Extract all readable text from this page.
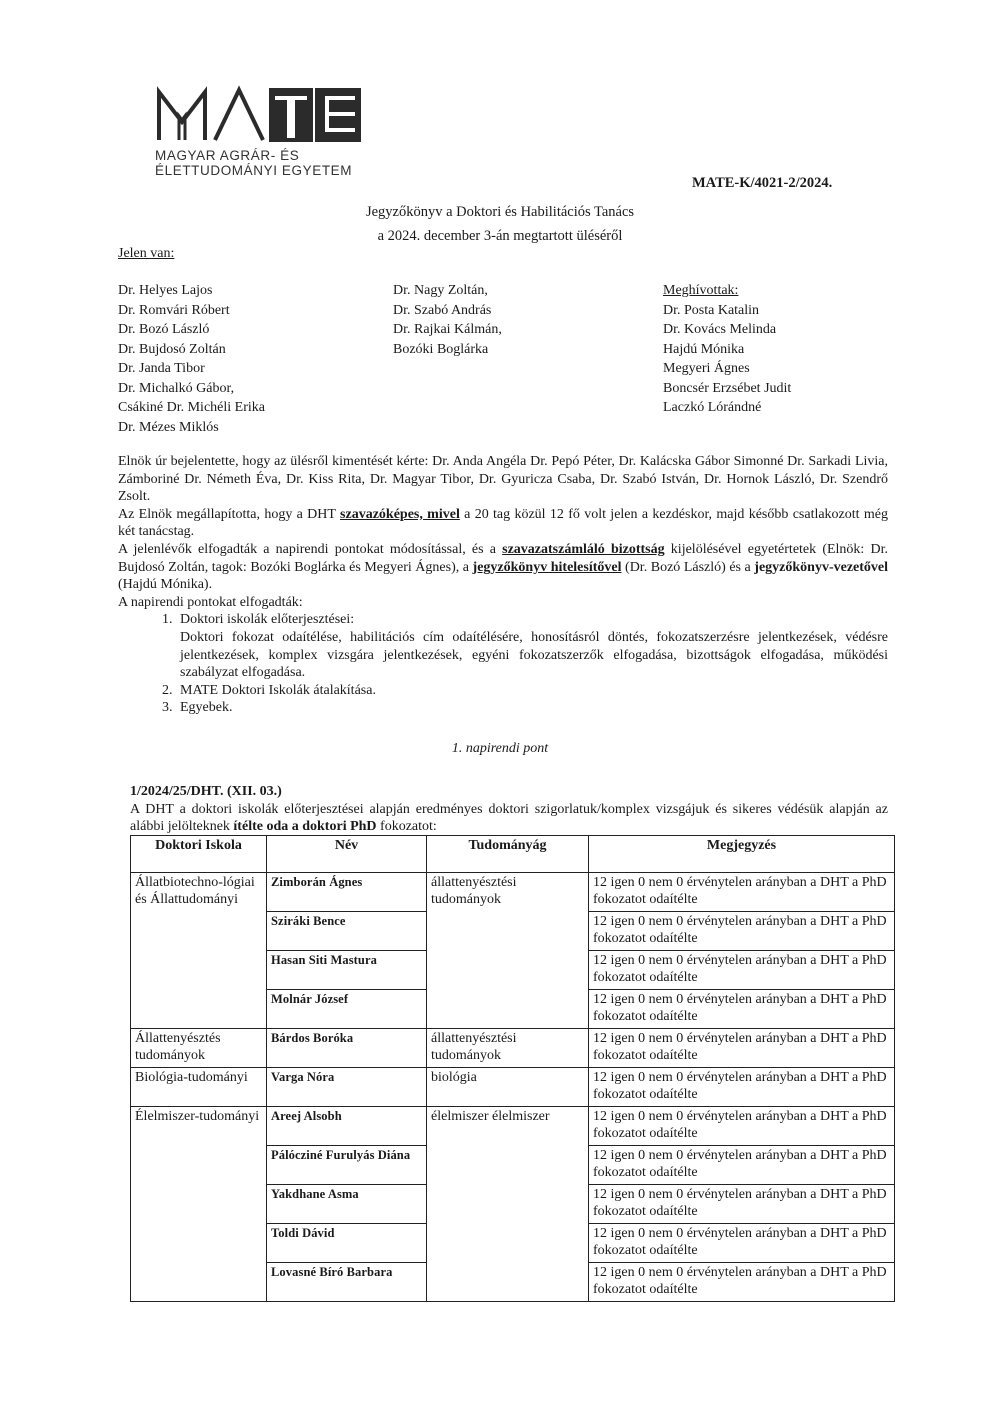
MAGYAR AGRÁR- ÉS
ÉLETTUDOMÁNYI EGYETEM
MATE-K/4021-2/2024.
Jegyzőkönyv a Doktori és Habilitációs Tanács
a 2024. december 3-án megtartott üléséről
Jelen van:
Dr. Helyes Lajos
Dr. Romvári Róbert
Dr. Bozó László
Dr. Bujdosó Zoltán
Dr. Janda Tibor
Dr. Michalkó Gábor,
Csákiné Dr. Michéli Erika
Dr. Mézes Miklós
Dr. Nagy Zoltán,
Dr. Szabó András
Dr. Rajkai Kálmán,
Bozóki Boglárka
Meghívottak:
Dr. Posta Katalin
Dr. Kovács Melinda
Hajdú Mónika
Megyeri Ágnes
Boncsér Erzsébet Judit
Laczkó Lórándné

Elnök úr bejelentette, hogy az ülésről kimentését kérte: Dr. Anda Angéla Dr. Pepó Péter, Dr. Kalácska Gábor Simonné Dr. Sarkadi Livia, Zámboriné Dr. Németh Éva, Dr. Kiss Rita, Dr. Magyar Tibor, Dr. Gyuricza Csaba, Dr. Szabó István, Dr. Hornok László, Dr. Szendrő Zsolt.

Az Elnök megállapította, hogy a DHT szavazóképes, mivel a 20 tag közül 12 fő volt jelen a kezdéskor, majd később csatlakozott még két tanácstag.

A jelenlévők elfogadták a napirendi pontokat módosítással, és a szavazatszámláló bizottság kijelölésével egyetértetek (Elnök: Dr. Bujdosó Zoltán, tagok: Bozóki Boglárka és Megyeri Ágnes), a jegyzőkönyv hitelesítővel (Dr. Bozó László) és a jegyzőkönyv-vezetővel (Hajdú Mónika).

A napirendi pontokat elfogadták:

1. Doktori iskolák előterjesztései:
Doktori fokozat odaítélése, habilitációs cím odaítélésére, honosításról döntés, fokozatszerzésre jelentkezések, védésre jelentkezések, komplex vizsgára jelentkezések, egyéni fokozatszerzők elfogadása, bizottságok elfogadása, működési szabályzat elfogadása.
2. MATE Doktori Iskolák átalakítása.
3. Egyebek.
1. napirendi pont
1/2024/25/DHT. (XII. 03.)
A DHT a doktori iskolák előterjesztései alapján eredményes doktori szigorlatuk/komplex vizsgájuk és sikeres védésük alapján az alábbi jelölteknek ítélte oda a doktori PhD fokozatot:
Doktori Iskola	Név	Tudományág	Megjegyzés
Állatbiotechno-lógiai és Állattudományi	Zimborán Ágnes	állattenyésztési tudományok	12 igen 0 nem 0 érvénytelen arányban a DHT a PhD fokozatot odaítélte
	Sziráki Bence		12 igen 0 nem 0 érvénytelen arányban a DHT a PhD fokozatot odaítélte
	Hasan Siti Mastura		12 igen 0 nem 0 érvénytelen arányban a DHT a PhD fokozatot odaítélte
	Molnár József		12 igen 0 nem 0 érvénytelen arányban a DHT a PhD fokozatot odaítélte
Állattenyésztés tudományok	Bárdos Boróka	állattenyésztési tudományok	12 igen 0 nem 0 érvénytelen arányban a DHT a PhD fokozatot odaítélte
Biológia-tudományi	Varga Nóra	biológia	12 igen 0 nem 0 érvénytelen arányban a DHT a PhD fokozatot odaítélte
Élelmiszer-tudományi	Areej Alsobh	élelmiszer élelmiszer	12 igen 0 nem 0 érvénytelen arányban a DHT a PhD fokozatot odaítélte
	Pálócziné Furulyás Diána		12 igen 0 nem 0 érvénytelen arányban a DHT a PhD fokozatot odaítélte
	Yakdhane Asma		12 igen 0 nem 0 érvénytelen arányban a DHT a PhD fokozatot odaítélte
	Toldi Dávid		12 igen 0 nem 0 érvénytelen arányban a DHT a PhD fokozatot odaítélte
	Lovasné Bíró Barbara		12 igen 0 nem 0 érvénytelen arányban a DHT a PhD fokozatot odaítélte
